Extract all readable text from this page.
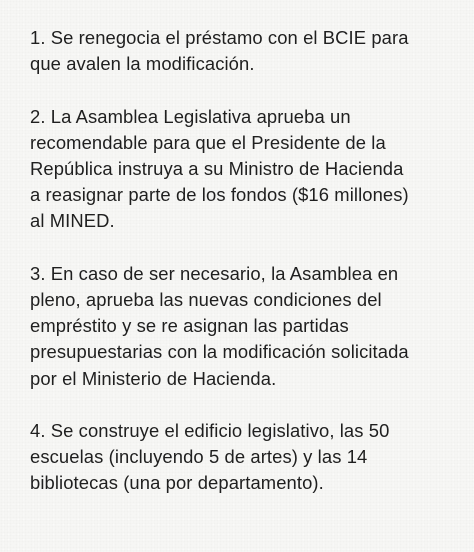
1. Se renegocia el préstamo con el BCIE para
que avalen la modificación.

2. La Asamblea Legislativa aprueba un
recomendable para que el Presidente de la
República instruya a su Ministro de Hacienda
a reasignar parte de los fondos ($16 millones)
al MINED.

3. En caso de ser necesario, la Asamblea en
pleno, aprueba las nuevas condiciones del
empréstito y se re asignan las partidas
presupuestarias con la modificación solicitada
por el Ministerio de Hacienda.

4. Se construye el edificio legislativo, las 50
escuelas (incluyendo 5 de artes) y las 14
bibliotecas (una por departamento).
